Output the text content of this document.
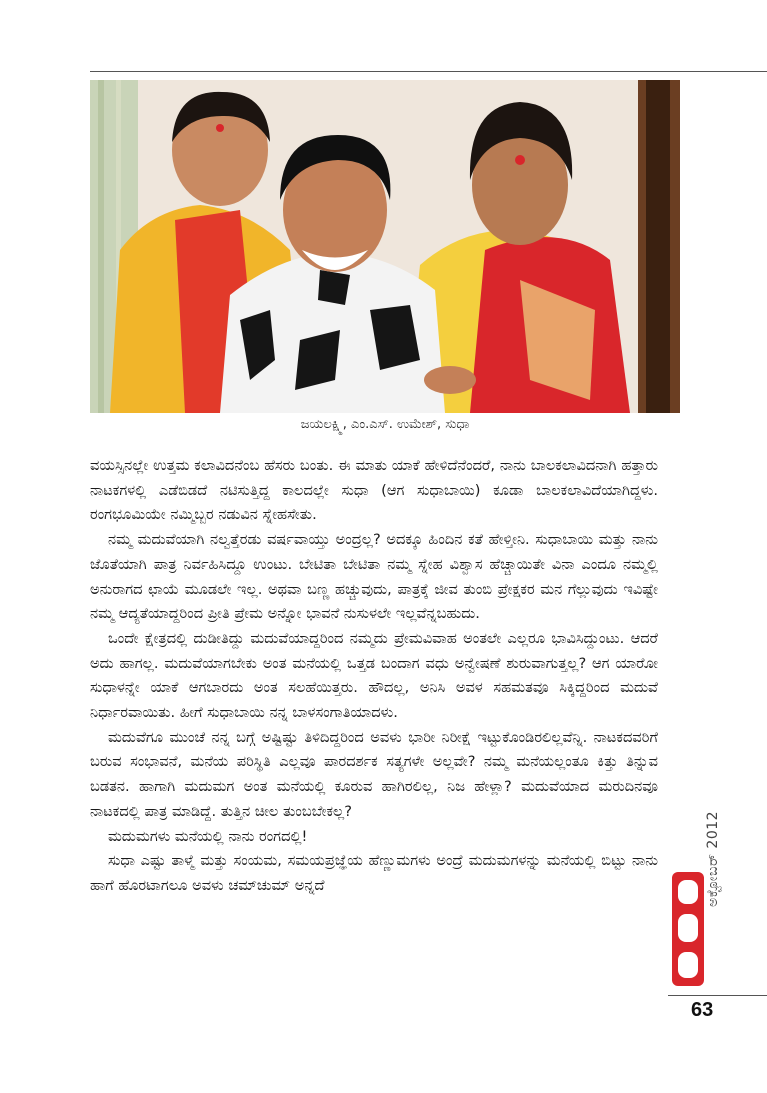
ಜಯಲಕ್ಷ್ಮಿ, ಎಂ.ಎಸ್. ಉಮೇಶ್, ಸುಧಾ

ವಯಸ್ಸಿನಲ್ಲೇ ಉತ್ತಮ ಕಲಾವಿದನೆಂಬ ಹೆಸರು ಬಂತು. ಈ ಮಾತು ಯಾಕೆ ಹೇಳಿದೆನೆಂದರೆ, ನಾನು ಬಾಲಕಲಾವಿದನಾಗಿ ಹತ್ತಾರು ನಾಟಕಗಳಲ್ಲಿ ಎಡೆಬಿಡದೆ ನಟಿಸುತ್ತಿದ್ದ ಕಾಲದಲ್ಲೇ ಸುಧಾ (ಆಗ ಸುಧಾಬಾಯಿ) ಕೂಡಾ ಬಾಲಕಲಾವಿದೆಯಾಗಿದ್ದಳು. ರಂಗಭೂಮಿಯೇ ನಮ್ಮಿಬ್ಬರ ನಡುವಿನ ಸ್ನೇಹಸೇತು.

ನಮ್ಮ ಮದುವೆಯಾಗಿ ನಲ್ವತ್ತೆರಡು ವರ್ಷವಾಯ್ತು ಅಂದ್ರಲ್ಲ? ಅದಕ್ಕೂ ಹಿಂದಿನ ಕತೆ ಹೇಳ್ತೀನಿ. ಸುಧಾಬಾಯಿ ಮತ್ತು ನಾನು ಜೊತೆಯಾಗಿ ಪಾತ್ರ ನಿರ್ವಹಿಸಿದ್ದೂ ಉಂಟು. ಬೇಟಿತಾ ಬೇಟಿತಾ ನಮ್ಮ ಸ್ನೇಹ ವಿಶ್ವಾಸ ಹೆಚ್ಚಾಯಿತೇ ವಿನಾ ಎಂದೂ ನಮ್ಮಲ್ಲಿ ಅನುರಾಗದ ಛಾಯೆ ಮೂಡಲೇ ಇಲ್ಲ. ಅಥವಾ ಬಣ್ಣ ಹಚ್ಚುವುದು, ಪಾತ್ರಕ್ಕೆ ಜೀವ ತುಂಬಿ ಪ್ರೇಕ್ಷಕರ ಮನ ಗೆಲ್ಲುವುದು ಇವಿಷ್ಟೇ ನಮ್ಮ ಆದ್ಯತೆಯಾದ್ದರಿಂದ ಪ್ರೀತಿ ಪ್ರೇಮ ಅನ್ನೋ ಭಾವನೆ ನುಸುಳಲೇ ಇಲ್ಲವೆನ್ನಬಹುದು.

ಒಂದೇ ಕ್ಷೇತ್ರದಲ್ಲಿ ದುಡೀತಿದ್ದು ಮದುವೆಯಾದ್ದರಿಂದ ನಮ್ಮದು ಪ್ರೇಮವಿವಾಹ ಅಂತಲೇ ಎಲ್ಲರೂ ಭಾವಿಸಿದ್ದುಂಟು. ಆದರೆ ಅದು ಹಾಗಲ್ಲ. ಮದುವೆಯಾಗಬೇಕು ಅಂತ ಮನೆಯಲ್ಲಿ ಒತ್ತಡ ಬಂದಾಗ ವಧು ಅನ್ವೇಷಣೆ ಶುರುವಾಗುತ್ತಲ್ಲ? ಆಗ ಯಾರೋ ಸುಧಾಳನ್ನೇ ಯಾಕೆ ಆಗಬಾರದು ಅಂತ ಸಲಹೆಯಿತ್ತರು. ಹೌದಲ್ಲ, ಅನಿಸಿ ಅವಳ ಸಹಮತವೂ ಸಿಕ್ಕಿದ್ದರಿಂದ ಮದುವೆ ನಿರ್ಧಾರವಾಯಿತು. ಹೀಗೆ ಸುಧಾಬಾಯಿ ನನ್ನ ಬಾಳಸಂಗಾತಿಯಾದಳು.

ಮದುವೆಗೂ ಮುಂಚೆ ನನ್ನ ಬಗ್ಗೆ ಅಷ್ಟಿಷ್ಟು ತಿಳಿದಿದ್ದರಿಂದ ಅವಳು ಭಾರೀ ನಿರೀಕ್ಷೆ ಇಟ್ಟುಕೊಂಡಿರಲಿಲ್ಲವೆನ್ನಿ. ನಾಟಕದವರಿಗೆ ಬರುವ ಸಂಭಾವನೆ, ಮನೆಯ ಪರಿಸ್ಥಿತಿ ಎಲ್ಲವೂ ಪಾರದರ್ಶಕ ಸತ್ಯಗಳೇ ಅಲ್ಲವೇ? ನಮ್ಮ ಮನೆಯಲ್ಲಂತೂ ಕಿತ್ತು ತಿನ್ನುವ ಬಡತನ. ಹಾಗಾಗಿ ಮದುಮಗ ಅಂತ ಮನೆಯಲ್ಲಿ ಕೂರುವ ಹಾಗಿರಲಿಲ್ಲ, ನಿಜ ಹೇಳ್ಲಾ? ಮದುವೆಯಾದ ಮರುದಿನವೂ ನಾಟಕದಲ್ಲಿ ಪಾತ್ರ ಮಾಡಿದ್ದೆ. ತುತ್ತಿನ ಚೀಲ ತುಂಬಬೇಕಲ್ಲ?

ಮದುಮಗಳು ಮನೆಯಲ್ಲಿ ನಾನು ರಂಗದಲ್ಲಿ!

ಸುಧಾ ಎಷ್ಟು ತಾಳ್ಮೆ ಮತ್ತು ಸಂಯಮ, ಸಮಯಪ್ರಜ್ಞೆಯ ಹೆಣ್ಣುಮಗಳು ಅಂದ್ರೆ ಮದುಮಗಳನ್ನು ಮನೆಯಲ್ಲಿ ಬಿಟ್ಟು ನಾನು ಹಾಗೆ ಹೊರಟಾಗಲೂ ಅವಳು ಚಮ್‌ಚುಮ್ ಅನ್ನದೆ	ಅಕ್ಟೋಬರ್ 2012
63
